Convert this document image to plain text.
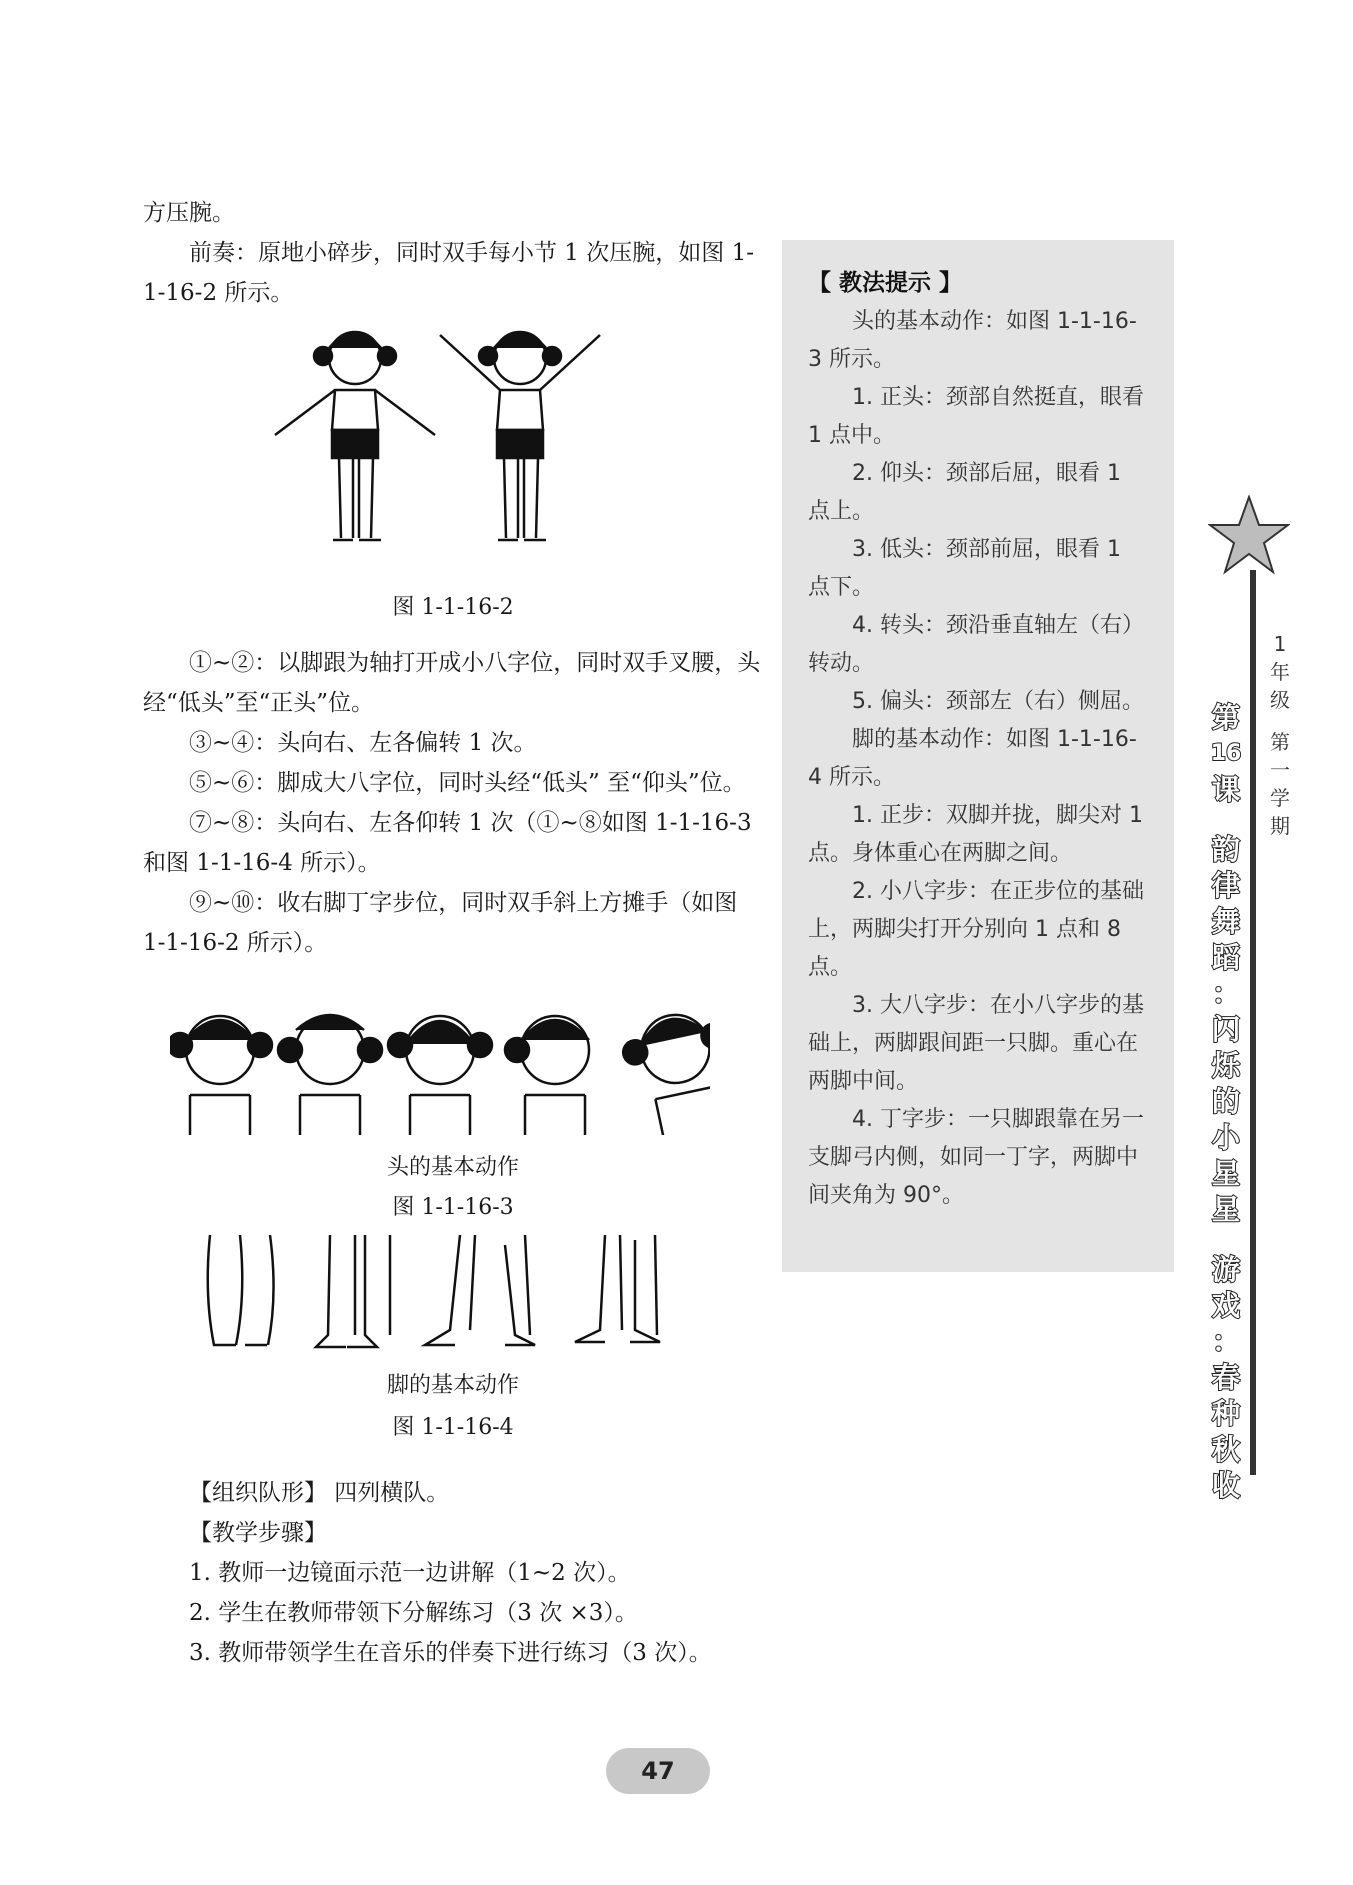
方压腕。

前奏：原地小碎步，同时双手每小节 1 次压腕，如图 1-1-16-2 所示。

图 1-1-16-2

①~②：以脚跟为轴打开成小八字位，同时双手叉腰，头经“低头”至“正头”位。

③~④：头向右、左各偏转 1 次。

⑤~⑥：脚成大八字位，同时头经“低头” 至“仰头”位。

⑦~⑧：头向右、左各仰转 1 次（①~⑧如图 1-1-16-3 和图 1-1-16-4 所示）。

⑨~⑩：收右脚丁字步位，同时双手斜上方摊手（如图 1-1-16-2 所示）。

头的基本动作
图 1-1-16-3
脚的基本动作
图 1-1-16-4

【组织队形】 四列横队。

【教学步骤】

1. 教师一边镜面示范一边讲解（1~2 次）。

2. 学生在教师带领下分解练习（3 次 ×3）。

3. 教师带领学生在音乐的伴奏下进行练习（3 次）。

【 教法提示 】

头的基本动作：如图 1-1-16-3 所示。

1. 正头：颈部自然挺直，眼看 1 点中。

2. 仰头：颈部后屈，眼看 1 点上。

3. 低头：颈部前屈，眼看 1 点下。

4. 转头：颈沿垂直轴左（右）转动。

5. 偏头：颈部左（右）侧屈。

脚的基本动作：如图 1-1-16-4 所示。

1. 正步：双脚并拢，脚尖对 1 点。身体重心在两脚之间。

2. 小八字步：在正步位的基础上，两脚尖打开分别向 1 点和 8 点。

3. 大八字步：在小八字步的基础上，两脚跟间距一只脚。重心在两脚中间。

4. 丁字步：一只脚跟靠在另一支脚弓内侧，如同一丁字，两脚中间夹角为 90°。

1
年
级
第
一
学
期
第
16
课
韵
律
舞
蹈
：
闪
烁
的
小
星
星
游
戏
：
春
种
秋
收
47
